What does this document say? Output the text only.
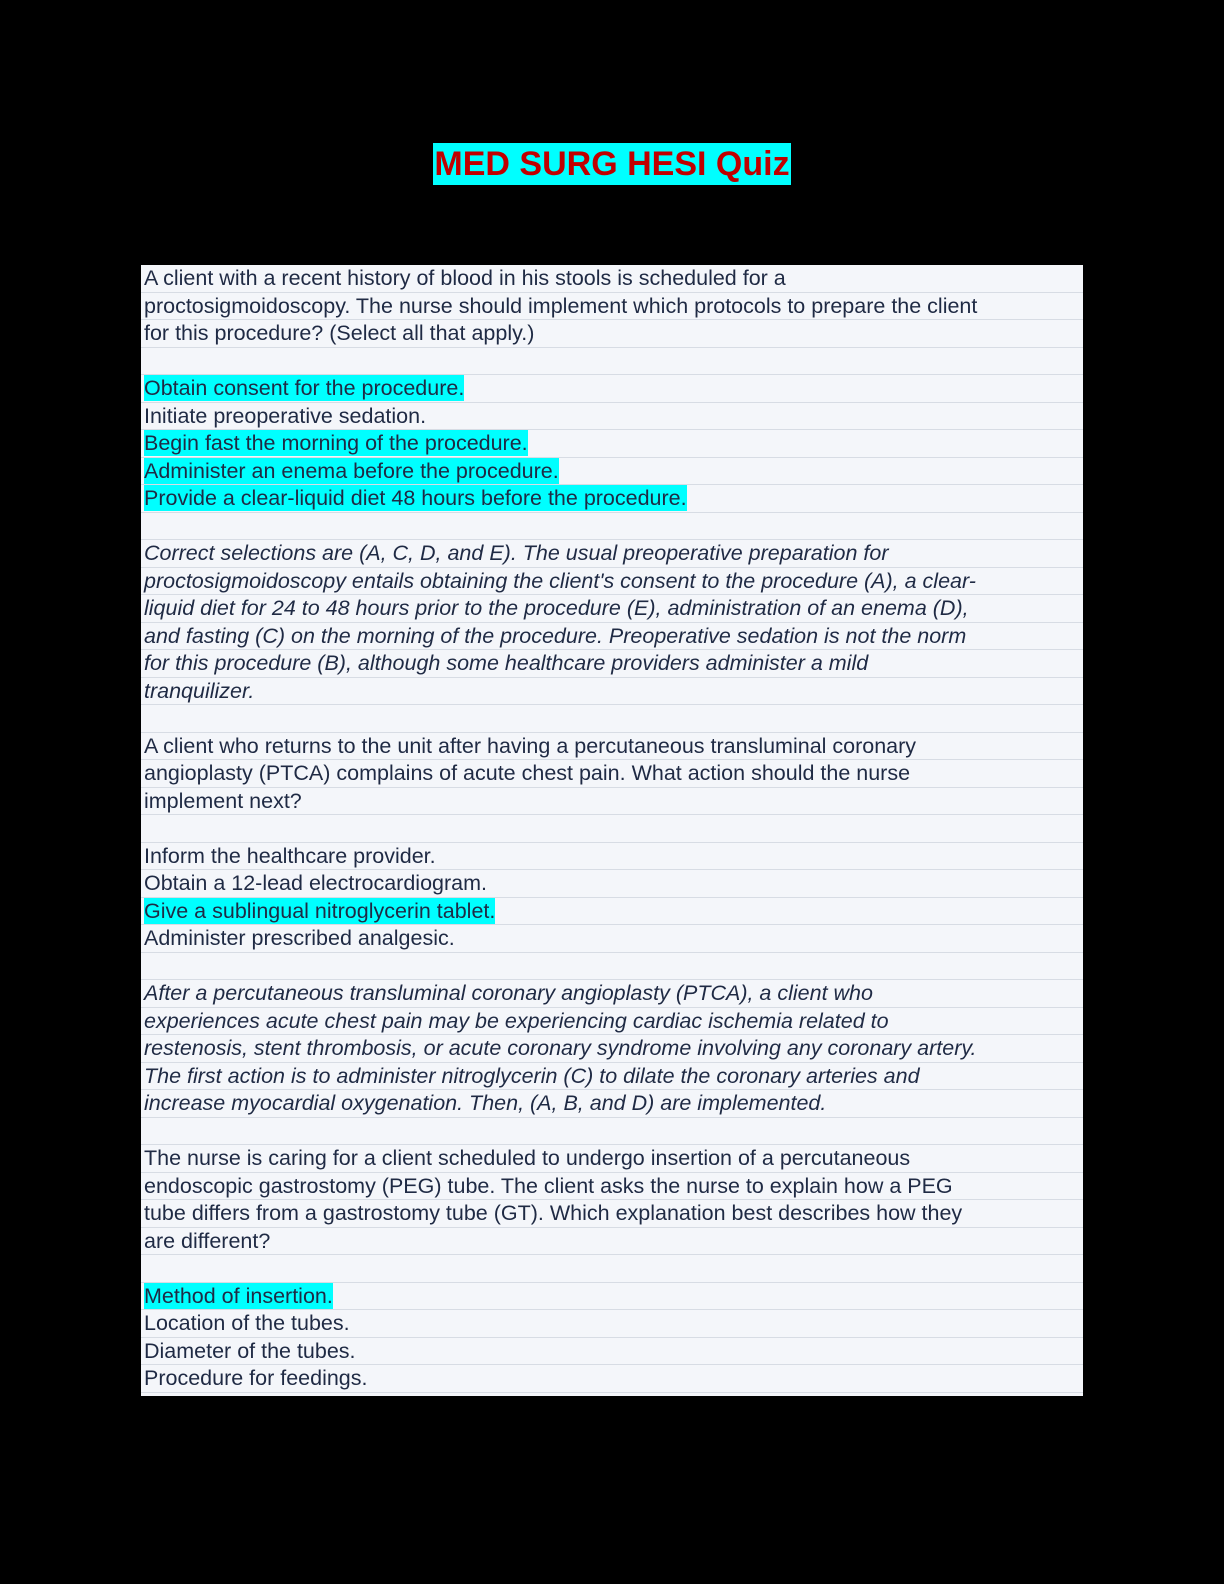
MED SURG HESI Quiz
A client with a recent history of blood in his stools is scheduled for a
proctosigmoidoscopy. The nurse should implement which protocols to prepare the client
for this procedure? (Select all that apply.)
Obtain consent for the procedure.
Initiate preoperative sedation.
Begin fast the morning of the procedure.
Administer an enema before the procedure.
Provide a clear-liquid diet 48 hours before the procedure.
Correct selections are (A, C, D, and E). The usual preoperative preparation for
proctosigmoidoscopy entails obtaining the client's consent to the procedure (A), a clear-
liquid diet for 24 to 48 hours prior to the procedure (E), administration of an enema (D),
and fasting (C) on the morning of the procedure. Preoperative sedation is not the norm
for this procedure (B), although some healthcare providers administer a mild
tranquilizer.
A client who returns to the unit after having a percutaneous transluminal coronary
angioplasty (PTCA) complains of acute chest pain. What action should the nurse
implement next?
Inform the healthcare provider.
Obtain a 12-lead electrocardiogram.
Give a sublingual nitroglycerin tablet.
Administer prescribed analgesic.
After a percutaneous transluminal coronary angioplasty (PTCA), a client who
experiences acute chest pain may be experiencing cardiac ischemia related to
restenosis, stent thrombosis, or acute coronary syndrome involving any coronary artery.
The first action is to administer nitroglycerin (C) to dilate the coronary arteries and
increase myocardial oxygenation. Then, (A, B, and D) are implemented.
The nurse is caring for a client scheduled to undergo insertion of a percutaneous
endoscopic gastrostomy (PEG) tube. The client asks the nurse to explain how a PEG
tube differs from a gastrostomy tube (GT). Which explanation best describes how they
are different?
Method of insertion.
Location of the tubes.
Diameter of the tubes.
Procedure for feedings.
